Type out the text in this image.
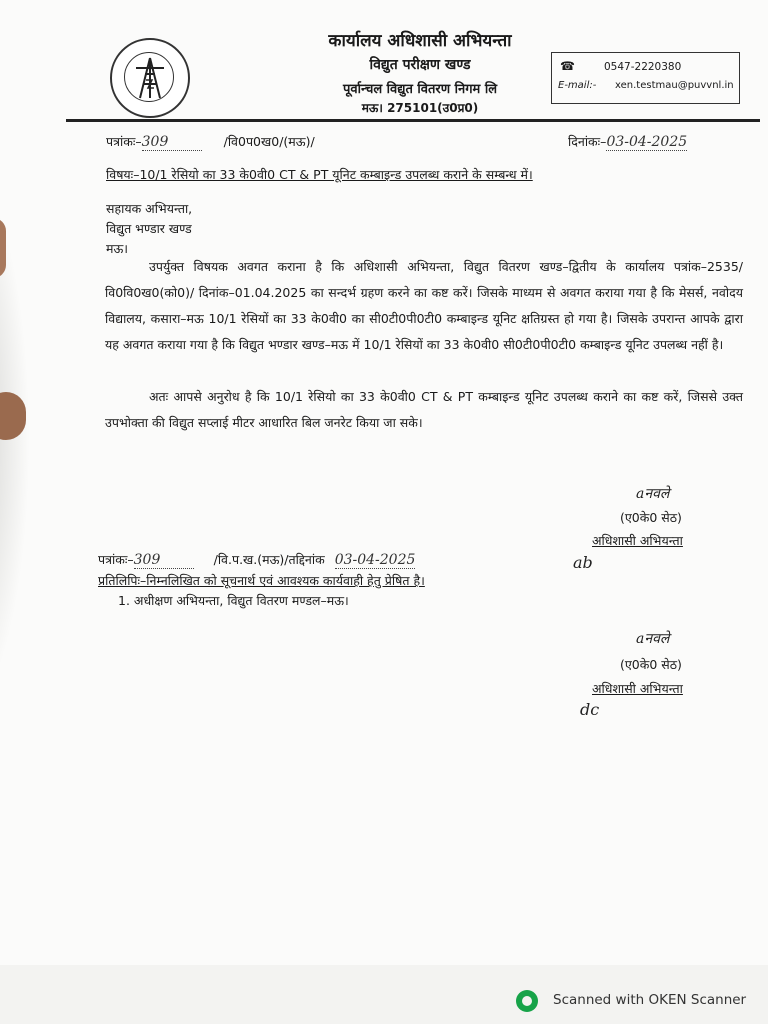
कार्यालय अधिशासी अभियन्ता
विद्युत परीक्षण खण्ड
पूर्वान्चल विद्युत वितरण निगम लि
मऊ। 275101(उ0प्र0)
☎	0547-2220380
E-mail:- xen.testmau@puvvnl.in
पत्रांकः–309	/वि0प0ख0/(मऊ)/	दिनांकः–03-04-2025
विषयः–10/1 रेसियो का 33 के0वी0 CT & PT यूनिट कम्बाइन्ड उपलब्ध कराने के सम्बन्ध में।
सहायक अभियन्ता,
विद्युत भण्डार खण्ड
मऊ।
उपर्युक्त विषयक अवगत कराना है कि अधिशासी अभियन्ता, विद्युत वितरण खण्ड–द्वितीय के कार्यालय पत्रांक–2535/वि0वि0ख0(को0)/ दिनांक–01.04.2025 का सन्दर्भ ग्रहण करने का कष्ट करें। जिसके माध्यम से अवगत कराया गया है कि मेसर्स, नवोदय विद्यालय, कसारा–मऊ 10/1 रेसियों का 33 के0वी0 का सी0टी0पी0टी0 कम्बाइन्ड यूनिट क्षतिग्रस्त हो गया है। जिसके उपरान्त आपके द्वारा यह अवगत कराया गया है कि विद्युत भण्डार खण्ड–मऊ में 10/1 रेसियों का 33 के0वी0 सी0टी0पी0टी0 कम्बाइन्ड यूनिट उपलब्ध नहीं है।
अतः आपसे अनुरोध है कि 10/1 रेसियो का 33 के0वी0 CT & PT कम्बाइन्ड यूनिट उपलब्ध कराने का कष्ट करें, जिससे उक्त उपभोक्ता की विद्युत सप्लाई मीटर आधारित बिल जनरेट किया जा सके।
aनवले
(ए0के0 सेठ)
अधिशासी अभियन्ता
ab
पत्रांकः–309	/वि.प.ख.(मऊ)/तद्दिनांक 03-04-2025
प्रतिलिपिः–निम्नलिखित को सूचनार्थ एवं आवश्यक कार्यवाही हेतु प्रेषित है।
1. अधीक्षण अभियन्ता, विद्युत वितरण मण्डल–मऊ।
aनवले
(ए0के0 सेठ)
अधिशासी अभियन्ता
dc
Scanned with OKEN Scanner
